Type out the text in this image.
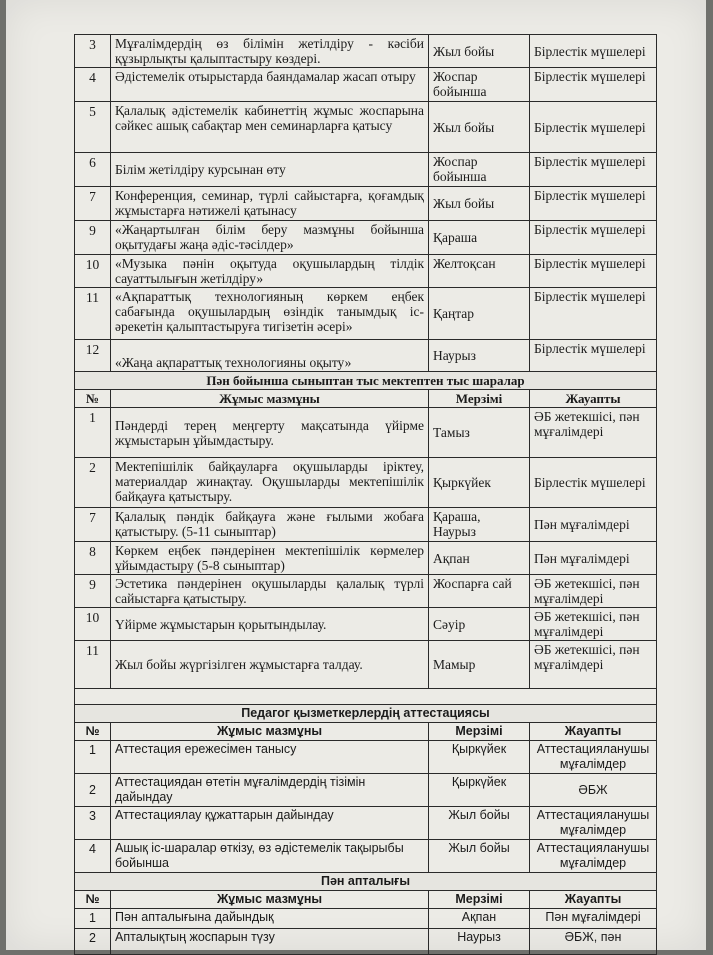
3	Мұғалімдердің өз білімін жетілдіру - кәсіби құзырлықты қалыптастыру көздері.	Жыл бойы	Бірлестік мүшелері
4	Әдістемелік отырыстарда баяндамалар жасап отыру	Жоспар бойынша	Бірлестік мүшелері
5	Қалалық әдістемелік кабинеттің жұмыс жоспарына сәйкес ашық сабақтар мен семинарларға қатысу	Жыл бойы	Бірлестік мүшелері
6	Білім жетілдіру курсынан өту	Жоспар бойынша	Бірлестік мүшелері
7	Конференция, семинар, түрлі сайыстарға, қоғамдық жұмыстарға нәтижелі қатынасу	Жыл бойы	Бірлестік мүшелері
9	«Жаңартылған білім беру мазмұны бойынша оқытудағы жаңа әдіс-тәсілдер»	Қараша	Бірлестік мүшелері
10	«Музыка пәнін оқытуда оқушылардың тілдік сауаттылығын жетілдіру»	Желтоқсан	Бірлестік мүшелері
11	«Ақпараттық технологияның көркем еңбек сабағында оқушылардың өзіндік танымдық іс-әрекетін қалыптастыруға тигізетін әсері»	Қаңтар	Бірлестік мүшелері
12	«Жаңа ақпараттық технологияны оқыту»	Наурыз	Бірлестік мүшелері
Пән бойынша сыныптан тыс мектептен тыс шаралар			
№	Жұмыс мазмұны	Мерзімі	Жауапты
1	Пәндерді терең меңгерту мақсатында үйірме жұмыстарын ұйымдастыру.	Тамыз	ӘБ жетекшісі, пән мұғалімдері
2	Мектепішілік байқауларға оқушыларды іріктеу, материалдар жинақтау. Оқушыларды мектепішілік байқауға қатыстыру.	Қыркүйек	Бірлестік мүшелері
7	Қалалық пәндік байқауға және ғылыми жобаға қатыстыру. (5-11 сыныптар)	Қараша, Наурыз	Пән мұғалімдері
8	Көркем еңбек пәндерінен мектепішілік көрмелер ұйымдастыру (5-8 сыныптар)	Ақпан	Пән мұғалімдері
9	Эстетика пәндерінен оқушыларды қалалық түрлі сайыстарға қатыстыру.	Жоспарға сай	ӘБ жетекшісі, пән мұғалімдері
10	Үйірме жұмыстарын қорытындылау.	Сәуір	ӘБ жетекшісі, пән мұғалімдері
11	Жыл бойы жүргізілген жұмыстарға талдау.	Мамыр	ӘБ жетекшісі, пән мұғалімдері

Педагог қызметкерлердің аттестациясы			
№	Жұмыс мазмұны	Мерзімі	Жауапты
1	Аттестация ережесімен танысу	Қыркүйек	Аттестацияланушы мұғалімдер
2	Аттестациядан өтетін мұғалімдердің тізімін дайындау	Қыркүйек	ӘБЖ
3	Аттестациялау құжаттарын дайындау	Жыл бойы	Аттестацияланушы мұғалімдер
4	Ашық іс-шаралар өткізу, өз әдістемелік тақырыбы бойынша	Жыл бойы	Аттестацияланушы мұғалімдер
Пән апталығы			
№	Жұмыс мазмұны	Мерзімі	Жауапты
1	Пән апталығына дайындық	Ақпан	Пән мұғалімдері
2	Апталықтың жоспарын түзу	Наурыз	ӘБЖ, пән
